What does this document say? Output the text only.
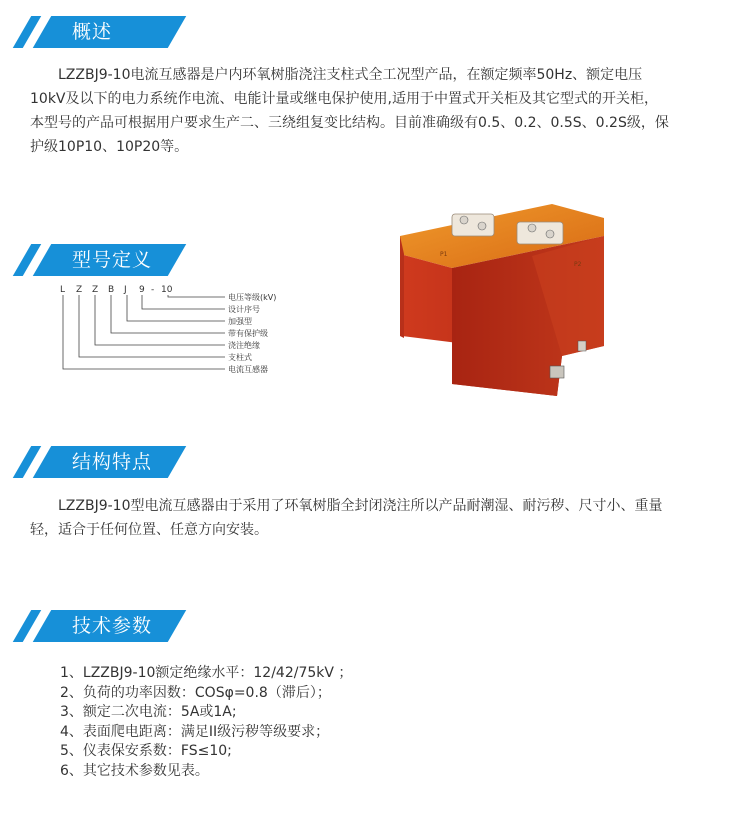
概述
LZZBJ9-10电流互感器是户内环氧树脂浇注支柱式全工况型产品，在额定频率50Hz、额定电压
10kV及以下的电力系统作电流、电能计量或继电保护使用,适用于中置式开关柜及其它型式的开关柜，
本型号的产品可根据用户要求生产二、三绕组复变比结构。目前准确级有0.5、0.2、0.5S、0.2S级，保
护级10P10、10P20等。
型号定义
L Z Z B J 9 - 10
电压等级(kV)
设计序号
加强型
带有保护级
浇注绝缘
支柱式
电流互感器
P1
P2
结构特点
LZZBJ9-10型电流互感器由于采用了环氧树脂全封闭浇注所以产品耐潮湿、耐污秽、尺寸小、重量
轻，适合于任何位置、任意方向安装。
技术参数
1、LZZBJ9-10额定绝缘水平：12/42/75kV ；
2、负荷的功率因数：COSφ=0.8（滞后）；
3、额定二次电流：5A或1A;
4、表面爬电距离：满足II级污秽等级要求；
5、仪表保安系数：FS≤10;
6、其它技术参数见表。
